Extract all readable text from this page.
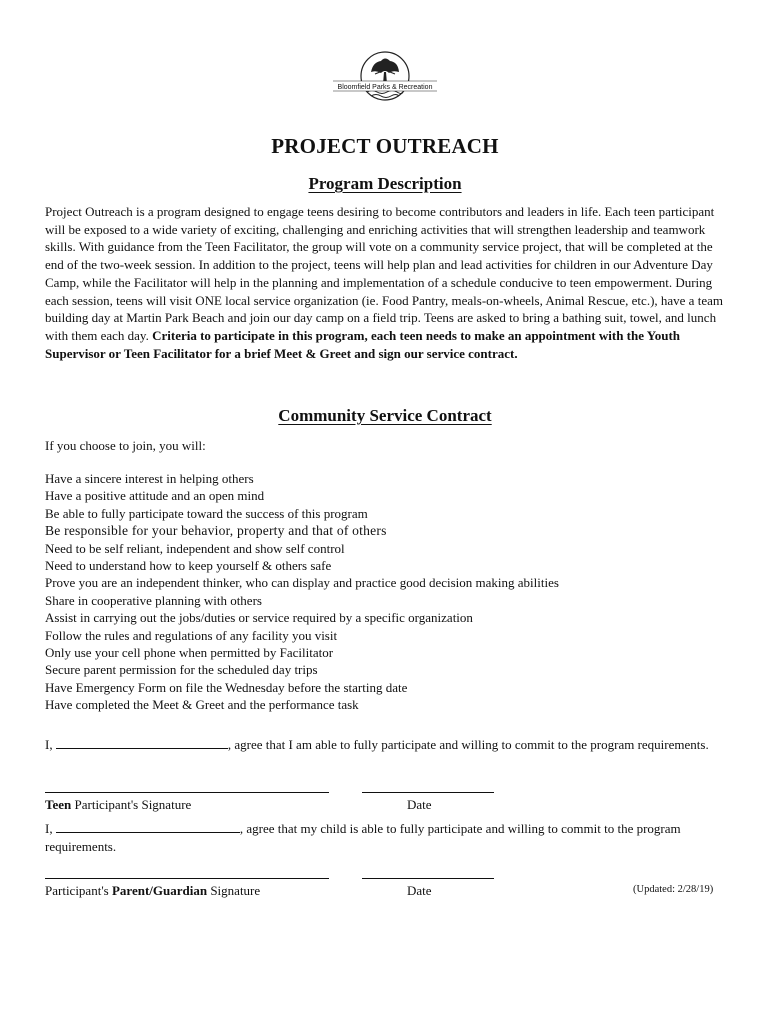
Bloomfield Parks & Recreation
PROJECT OUTREACH
Program Description
Project Outreach is a program designed to engage teens desiring to become contributors and leaders in life. Each teen participant will be exposed to a wide variety of exciting, challenging and enriching activities that will strengthen leadership and teamwork skills. With guidance from the Teen Facilitator, the group will vote on a community service project, that will be completed at the end of the two-week session. In addition to the project, teens will help plan and lead activities for children in our Adventure Day Camp, while the Facilitator will help in the planning and implementation of a schedule conducive to teen empowerment. During each session, teens will visit ONE local service organization (ie. Food Pantry, meals-on-wheels, Animal Rescue, etc.), have a team building day at Martin Park Beach and join our day camp on a field trip. Teens are asked to bring a bathing suit, towel, and lunch with them each day. Criteria to participate in this program, each teen needs to make an appointment with the Youth Supervisor or Teen Facilitator for a brief Meet & Greet and sign our service contract.
Community Service Contract
If you choose to join, you will:
Have a sincere interest in helping others
Have a positive attitude and an open mind
Be able to fully participate toward the success of this program
Be responsible for your behavior, property and that of others
Need to be self reliant, independent and show self control
Need to understand how to keep yourself & others safe
Prove you are an independent thinker, who can display and practice good decision making abilities
Share in cooperative planning with others
Assist in carrying out the jobs/duties or service required by a specific organization
Follow the rules and regulations of any facility you visit
Only use your cell phone when permitted by Facilitator
Secure parent permission for the scheduled day trips
Have Emergency Form on file the Wednesday before the starting date
Have completed the Meet & Greet and the performance task
I,	, agree that I am able to fully participate and willing to commit to the program requirements.
Teen Participant's Signature	Date
I,	, agree that my child is able to fully participate and willing to commit to the program requirements.
Participant's Parent/Guardian Signature	Date	(Updated: 2/28/19)
